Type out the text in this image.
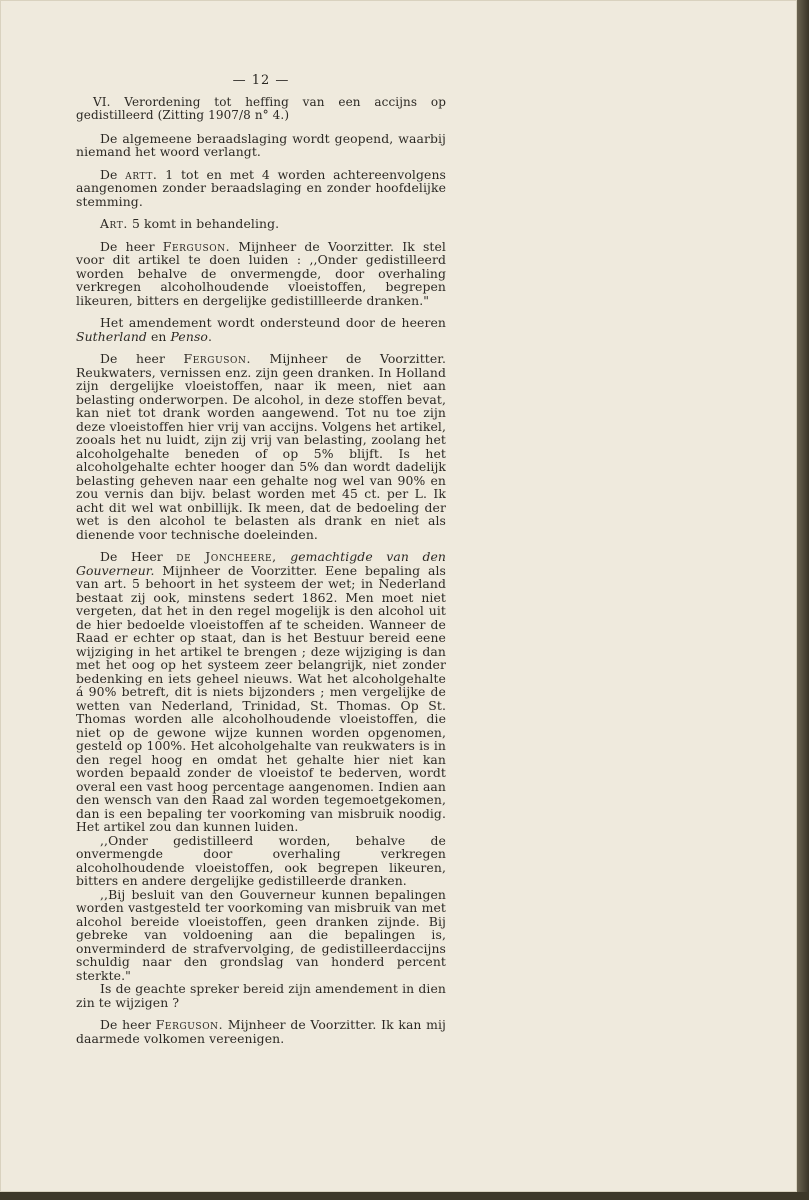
— 12 —
VI. Verordening tot heffing van een accijns op gedistilleerd (Zitting 1907/8 n° 4.)

De algemeene beraadslaging wordt geopend, waarbij niemand het woord verlangt.

De artt. 1 tot en met 4 worden achtereenvolgens aangenomen zonder beraadslaging en zonder hoofdelijke stemming.

Art. 5 komt in behandeling.

De heer Ferguson. Mijnheer de Voorzitter. Ik stel voor dit artikel te doen luiden : ,,Onder gedistilleerd worden behalve de onvermengde, door overhaling verkregen alcoholhoudende vloeistoffen, begrepen likeuren, bitters en dergelijke gedistillleerde dranken."

Het amendement wordt ondersteund door de heeren Sutherland en Penso.

De heer Ferguson. Mijnheer de Voorzitter. Reukwaters, vernissen enz. zijn geen dranken. In Holland zijn dergelijke vloeistoffen, naar ik meen, niet aan belasting onderworpen. De alcohol, in deze stoffen bevat, kan niet tot drank worden aangewend. Tot nu toe zijn deze vloeistoffen hier vrij van accijns. Volgens het artikel, zooals het nu luidt, zijn zij vrij van belasting, zoolang het alcoholgehalte beneden of op 5% blijft. Is het alcoholgehalte echter hooger dan 5% dan wordt dadelijk belasting geheven naar een gehalte nog wel van 90% en zou vernis dan bijv. belast worden met 45 ct. per L. Ik acht dit wel wat onbillijk. Ik meen, dat de bedoeling der wet is den alcohol te belasten als drank en niet als dienende voor technische doeleinden.

De Heer de Joncheere, gemachtigde van den Gouverneur. Mijnheer de Voorzitter. Eene bepaling als van art. 5 behoort in het systeem der wet; in Nederland bestaat zij ook, minstens sedert 1862. Men moet niet vergeten, dat het in den regel mogelijk is den alcohol uit de hier bedoelde vloeistoffen af te scheiden. Wanneer de Raad er echter op staat, dan is het Bestuur bereid eene wijziging in het artikel te brengen ; deze wijziging is dan met het oog op het systeem zeer belangrijk, niet zonder bedenking en iets geheel nieuws. Wat het alcoholgehalte á 90% betreft, dit is niets bijzonders ; men vergelijke de wetten van Nederland, Trinidad, St. Thomas. Op St. Thomas worden alle alcoholhoudende vloeistoffen, die niet op de gewone wijze kunnen worden opgenomen, gesteld op 100%. Het alcoholgehalte van reukwaters is in den regel hoog en omdat het gehalte hier niet kan worden bepaald zonder de vloeistof te bederven, wordt overal een vast hoog percentage aangenomen. Indien aan den wensch van den Raad zal worden tegemoetgekomen, dan is een bepaling ter voorkoming van misbruik noodig. Het artikel zou dan kunnen luiden.

,,Onder gedistilleerd worden, behalve de onvermengde door overhaling verkregen alcoholhoudende vloeistoffen, ook begrepen likeuren, bitters en andere dergelijke gedistilleerde dranken.

,,Bij besluit van den Gouverneur kunnen bepalingen worden vastgesteld ter voorkoming van misbruik van met alcohol bereide vloeistoffen, geen dranken zijnde. Bij gebreke van voldoening aan die bepalingen is, onverminderd de strafvervolging, de gedistilleerdaccijns schuldig naar den grondslag van honderd percent sterkte."

Is de geachte spreker bereid zijn amendement in dien zin te wijzigen ?

De heer Ferguson. Mijnheer de Voorzitter. Ik kan mij daarmede volkomen vereenigen.
